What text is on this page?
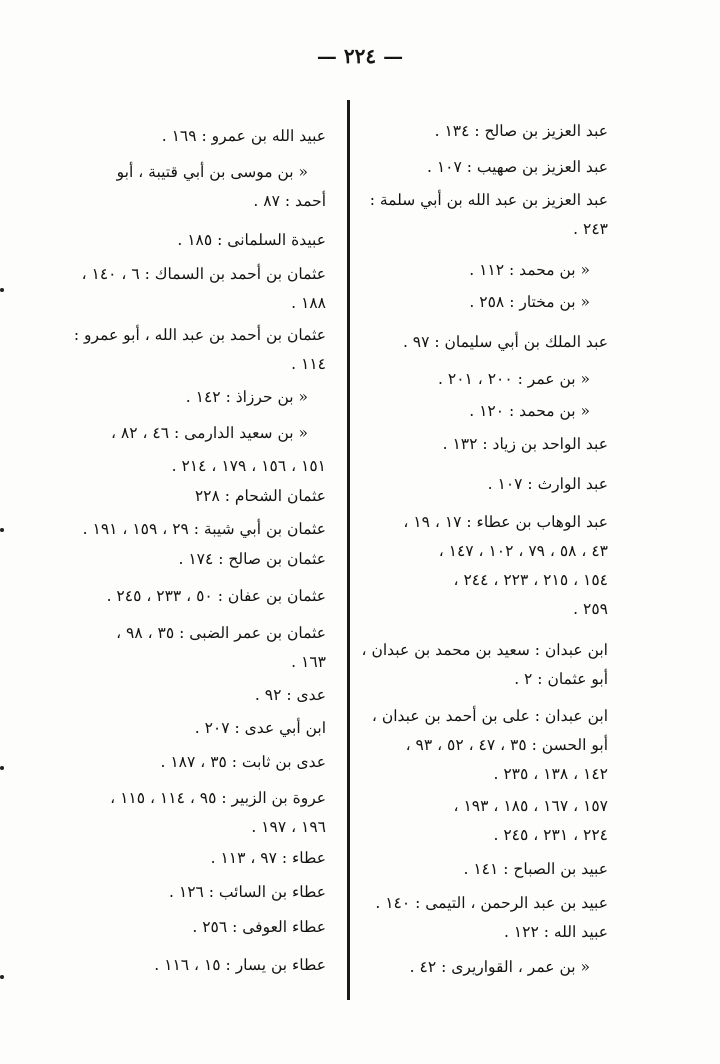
— ٢٢٤ —
عبد العزيز بن صالح : ١٣٤ .
عبد العزيز بن صهيب : ١٠٧ .
عبد العزيز بن عبد الله بن أبي سلمة :
٢٤٣ .
« بن محمد : ١١٢ .
« بن مختار : ٢٥٨ .
عبد الملك بن أبي سليمان : ٩٧ .
« بن عمر : ٢٠٠ ، ٢٠١ .
« بن محمد : ١٢٠ .
عبد الواحد بن زياد : ١٣٢ .
عبد الوارث : ١٠٧ .
عبد الوهاب بن عطاء : ١٧ ، ١٩ ،
٤٣ ، ٥٨ ، ٧٩ ، ١٠٢ ، ١٤٧ ،
١٥٤ ، ٢١٥ ، ٢٢٣ ، ٢٤٤ ،
٢٥٩ .
ابن عبدان : سعيد بن محمد بن عبدان ،
أبو عثمان : ٢ .
ابن عبدان : على بن أحمد بن عبدان ،
أبو الحسن : ٣٥ ، ٤٧ ، ٥٢ ، ٩٣ ،
١٤٢ ، ١٣٨ ، ٢٣٥ .
١٥٧ ، ١٦٧ ، ١٨٥ ، ١٩٣ ،
٢٢٤ ، ٢٣١ ، ٢٤٥ .
عبيد بن الصباح : ١٤١ .
عبيد بن عبد الرحمن ، التيمى : ١٤٠ .
عبيد الله : ١٢٢ .
« بن عمر ، القواريرى : ٤٢ .
عبيد الله بن عمرو : ١٦٩ .
« بن موسى بن أبي قتيبة ، أبو
أحمد : ٨٧ .
عبيدة السلمانى : ١٨٥ .
عثمان بن أحمد بن السماك : ٦ ، ١٤٠ ،
١٨٨ .
عثمان بن أحمد بن عبد الله ، أبو عمرو :
١١٤ .
« بن حرزاذ : ١٤٢ .
« بن سعيد الدارمى : ٤٦ ، ٨٢ ،
١٥١ ، ١٥٦ ، ١٧٩ ، ٢١٤ .
عثمان الشحام : ٢٢٨
عثمان بن أبي شيبة : ٢٩ ، ١٥٩ ، ١٩١ .
عثمان بن صالح : ١٧٤ .
عثمان بن عفان : ٥٠ ، ٢٣٣ ، ٢٤٥ .
عثمان بن عمر الضبى : ٣٥ ، ٩٨ ،
١٦٣ .
عدى : ٩٢ .
ابن أبي عدى : ٢٠٧ .
عدى بن ثابت : ٣٥ ، ١٨٧ .
عروة بن الزبير : ٩٥ ، ١١٤ ، ١١٥ ،
١٩٦ ، ١٩٧ .
عطاء : ٩٧ ، ١١٣ .
عطاء بن السائب : ١٢٦ .
عطاء العوفى : ٢٥٦ .
عطاء بن يسار : ١٥ ، ١١٦ .
